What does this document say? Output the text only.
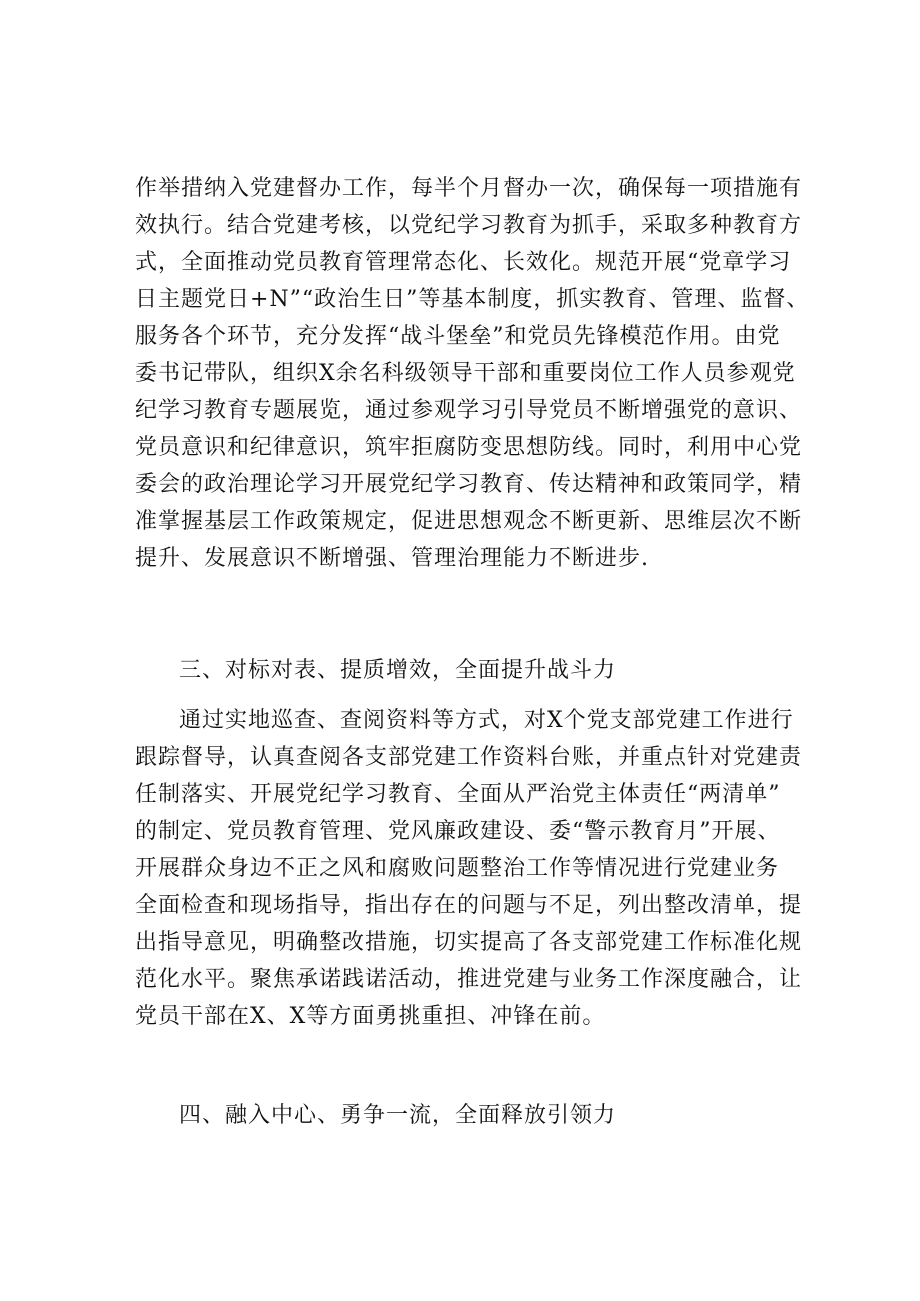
作举措纳入党建督办工作，每半个月督办一次，确保每一项措施有
效执行。结合党建考核，以党纪学习教育为抓手，采取多种教育方
式，全面推动党员教育管理常态化、长效化。规范开展“党章学习
日主题党日+N”“政治生日”等基本制度，抓实教育、管理、监督、
服务各个环节，充分发挥“战斗堡垒”和党员先锋模范作用。由党
委书记带队，组织X余名科级领导干部和重要岗位工作人员参观党
纪学习教育专题展览，通过参观学习引导党员不断增强党的意识、
党员意识和纪律意识，筑牢拒腐防变思想防线。同时，利用中心党
委会的政治理论学习开展党纪学习教育、传达精神和政策同学，精
准掌握基层工作政策规定，促进思想观念不断更新、思维层次不断
提升、发展意识不断增强、管理治理能力不断进步.
三、对标对表、提质增效，全面提升战斗力
通过实地巡查、查阅资料等方式，对X个党支部党建工作进行
跟踪督导，认真查阅各支部党建工作资料台账，并重点针对党建责
任制落实、开展党纪学习教育、全面从严治党主体责任“两清单”
的制定、党员教育管理、党风廉政建设、委“警示教育月”开展、
开展群众身边不正之风和腐败问题整治工作等情况进行党建业务
全面检查和现场指导，指出存在的问题与不足，列出整改清单，提
出指导意见，明确整改措施，切实提高了各支部党建工作标准化规
范化水平。聚焦承诺践诺活动，推进党建与业务工作深度融合，让
党员干部在X、X等方面勇挑重担、冲锋在前。
四、融入中心、勇争一流，全面释放引领力
